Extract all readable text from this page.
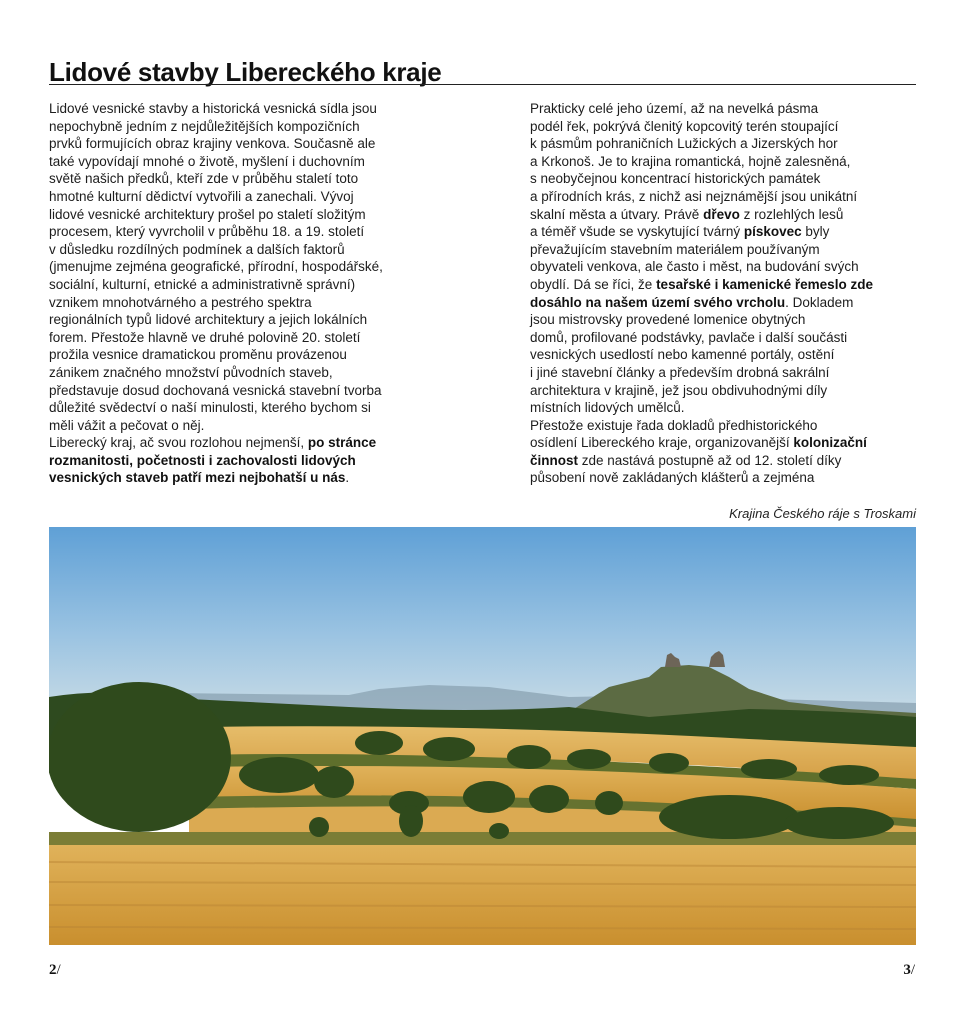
Lidové stavby Libereckého kraje

Lidové vesnické stavby a historická vesnická sídla jsou
nepochybně jedním z nejdůležitějších kompozičních
prvků formujících obraz krajiny venkova. Současně ale
také vypovídají mnohé o životě, myšlení i duchovním
světě našich předků, kteří zde v průběhu staletí toto
hmotné kulturní dědictví vytvořili a zanechali. Vývoj
lidové vesnické architektury prošel po staletí složitým
procesem, který vyvrcholil v průběhu 18. a 19. století
v důsledku rozdílných podmínek a dalších faktorů
(jmenujme zejména geografické, přírodní, hospodářské,
sociální, kulturní, etnické a administrativně správní)
vznikem mnohotvárného a pestrého spektra
regionálních typů lidové architektury a jejich lokálních
forem. Přestože hlavně ve druhé polovině 20. století
prožila vesnice dramatickou proměnu provázenou
zánikem značného množství původních staveb,
představuje dosud dochovaná vesnická stavební tvorba
důležité svědectví o naší minulosti, kterého bychom si
měli vážit a pečovat o něj.

Liberecký kraj, ač svou rozlohou nejmenší, po stránce
rozmanitosti, početnosti i zachovalosti lidových
vesnických staveb patří mezi nejbohatší u nás.

Prakticky celé jeho území, až na nevelká pásma
podél řek, pokrývá členitý kopcovitý terén stoupající
k pásmům pohraničních Lužických a Jizerských hor
a Krkonoš. Je to krajina romantická, hojně zalesněná,
s neobyčejnou koncentrací historických památek
a přírodních krás, z nichž asi nejznámější jsou unikátní
skalní města a útvary. Právě dřevo z rozlehlých lesů
a téměř všude se vyskytující tvárný pískovec byly
převažujícím stavebním materiálem používaným
obyvateli venkova, ale často i měst, na budování svých
obydlí. Dá se říci, že tesařské i kamenické řemeslo zde
dosáhlo na našem území svého vrcholu. Dokladem
jsou mistrovsky provedené lomenice obytných
domů, profilované podstávky, pavlače i další součásti
vesnických usedlostí nebo kamenné portály, ostění
i jiné stavební články a především drobná sakrální
architektura v krajině, jež jsou obdivuhodnými díly
místních lidových umělců.

Přestože existuje řada dokladů předhistorického
osídlení Libereckého kraje, organizovanější kolonizační
činnost zde nastává postupně až od 12. století díky
působení nově zakládaných klášterů a zejména

Krajina Českého ráje s Troskami
2/	3/
